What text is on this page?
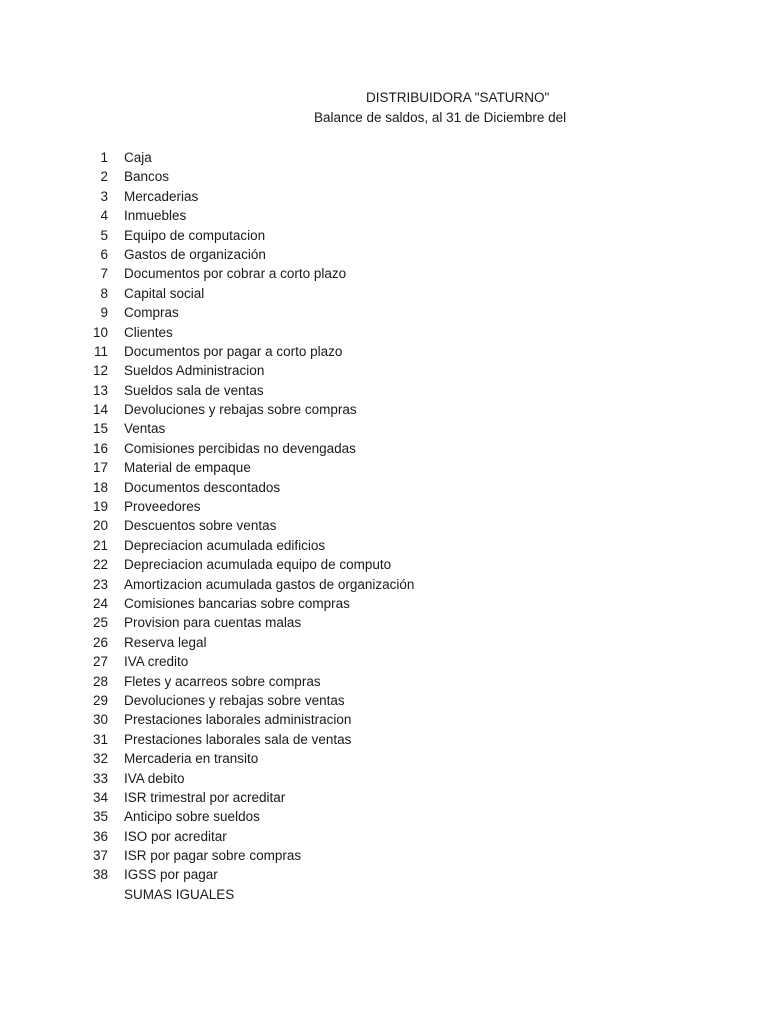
DISTRIBUIDORA "SATURNO"
Balance de saldos, al 31 de Diciembre del
1 Caja
2 Bancos
3 Mercaderias
4 Inmuebles
5 Equipo de computacion
6 Gastos de organización
7 Documentos por cobrar a corto plazo
8 Capital social
9 Compras
10 Clientes
11 Documentos por pagar a corto plazo
12 Sueldos Administracion
13 Sueldos sala de ventas
14 Devoluciones y rebajas sobre compras
15 Ventas
16 Comisiones percibidas no devengadas
17 Material de empaque
18 Documentos descontados
19 Proveedores
20 Descuentos sobre ventas
21 Depreciacion acumulada edificios
22 Depreciacion acumulada equipo de computo
23 Amortizacion acumulada gastos de organización
24 Comisiones bancarias sobre compras
25 Provision para cuentas malas
26 Reserva legal
27 IVA credito
28 Fletes y acarreos sobre compras
29 Devoluciones y rebajas sobre ventas
30 Prestaciones laborales administracion
31 Prestaciones laborales sala de ventas
32 Mercaderia en transito
33 IVA debito
34 ISR trimestral por acreditar
35 Anticipo sobre sueldos
36 ISO por acreditar
37 ISR por pagar sobre compras
38 IGSS por pagar
SUMAS IGUALES
